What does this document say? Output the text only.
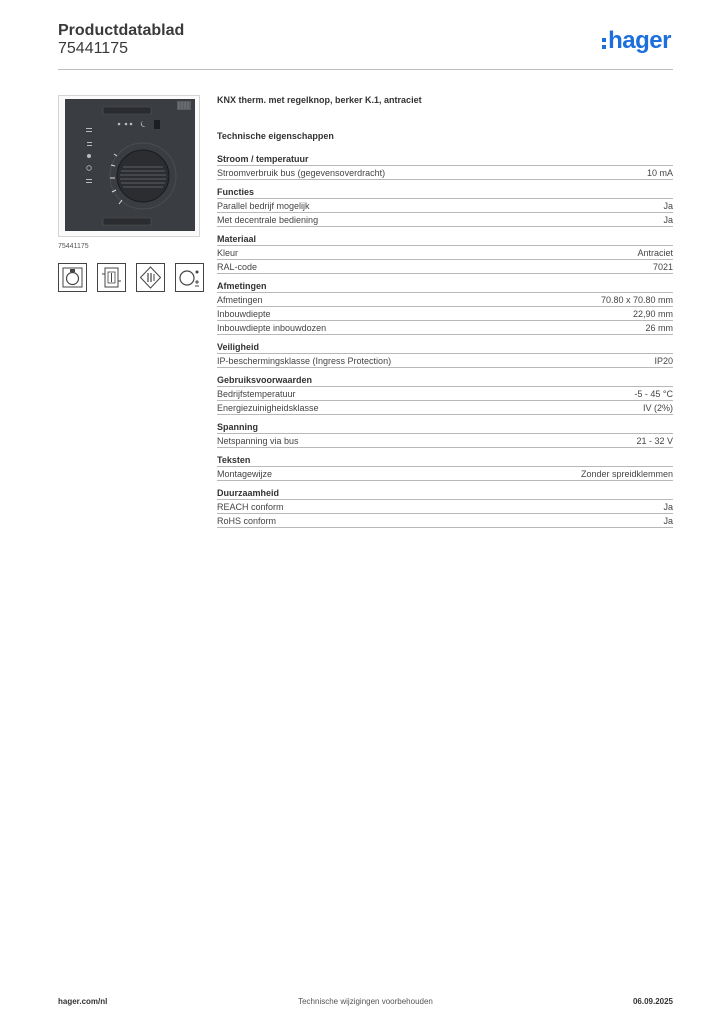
Productdatablad
75441175	hager
75441175
KNX therm. met regelknop, berker K.1, antraciet
Technische eigenschappen
Stroom / temperatuur
Stroomverbruik bus (gegevensoverdracht)	10 mA
Functies
Parallel bedrijf mogelijk	Ja
Met decentrale bediening	Ja
Materiaal
Kleur	Antraciet
RAL-code	7021
Afmetingen
Afmetingen	70.80 x 70.80 mm
Inbouwdiepte	22,90 mm
Inbouwdiepte inbouwdozen	26 mm
Veiligheid
IP-beschermingsklasse (Ingress Protection)	IP20
Gebruiksvoorwaarden
Bedrijfstemperatuur	-5 - 45 °C
Energiezuinigheidsklasse	IV (2%)
Spanning
Netspanning via bus	21 - 32 V
Teksten
Montagewijze	Zonder spreidklemmen
Duurzaamheid
REACH conform	Ja
RoHS conform	Ja
hager.com/nl	Technische wijzigingen voorbehouden	06.09.2025
